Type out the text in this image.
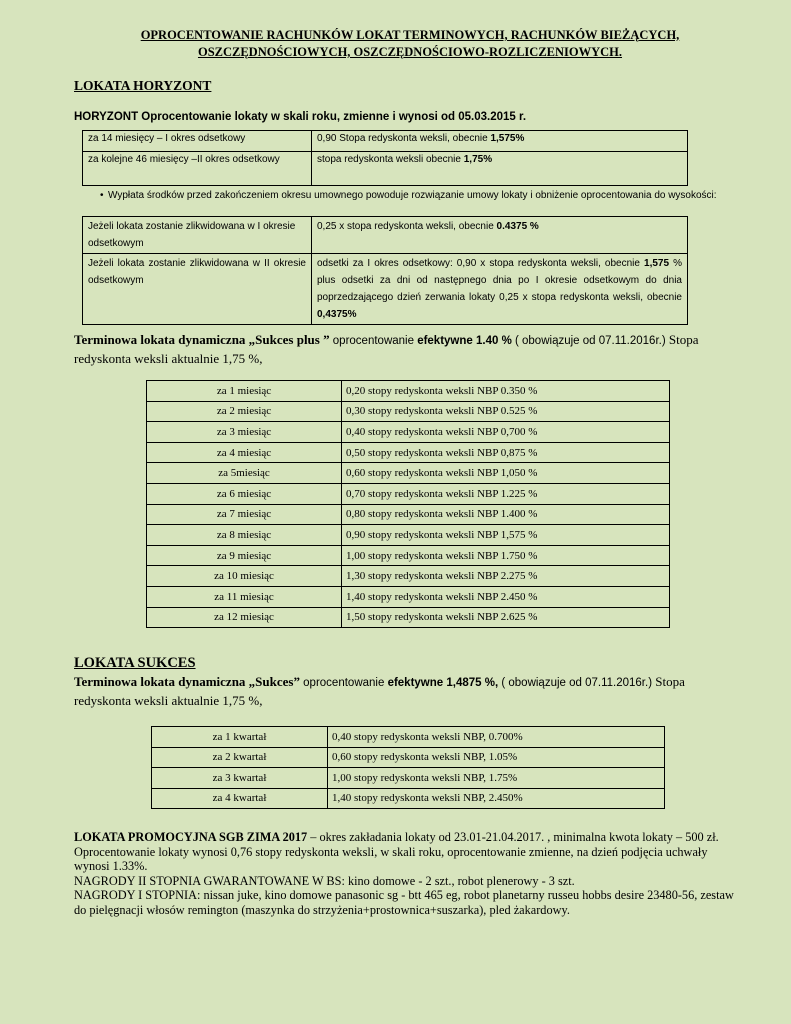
OPROCENTOWANIE RACHUNKÓW LOKAT TERMINOWYCH, RACHUNKÓW BIEŻĄCYCH,
OSZCZĘDNOŚCIOWYCH, OSZCZĘDNOŚCIOWO-ROZLICZENIOWYCH.
LOKATA HORYZONT
HORYZONT Oprocentowanie lokaty w skali roku, zmienne i wynosi od 05.03.2015 r.
za 14 miesięcy – I okres odsetkowy	0,90 Stopa redyskonta weksli, obecnie 1,575%
za kolejne 46 miesięcy –II okres odsetkowy	stopa redyskonta weksli obecnie 1,75%
• Wypłata środków przed zakończeniem okresu umownego powoduje rozwiązanie umowy lokaty i obniżenie oprocentowania do wysokości:
Jeżeli lokata zostanie zlikwidowana w I okresie odsetkowym	0,25 x stopa redyskonta weksli, obecnie 0.4375 %
Jeżeli lokata zostanie zlikwidowana w II okresie odsetkowym	odsetki za I okres odsetkowy: 0,90 x stopa redyskonta weksli, obecnie 1,575 % plus odsetki za dni od następnego dnia po I okresie odsetkowym do dnia poprzedzającego dzień zerwania lokaty 0,25 x stopa redyskonta weksli, obecnie 0,4375%
Terminowa lokata dynamiczna „Sukces plus ” oprocentowanie efektywne 1.40 % ( obowiązuje od 07.11.2016r.) Stopa redyskonta weksli aktualnie 1,75 %,
za 1 miesiąc	0,20 stopy redyskonta weksli NBP 0.350 %
za 2 miesiąc	0,30 stopy redyskonta weksli NBP 0.525 %
za 3 miesiąc	0,40 stopy redyskonta weksli NBP 0,700 %
za 4 miesiąc	0,50 stopy redyskonta weksli NBP 0,875 %
za 5miesiąc	0,60 stopy redyskonta weksli NBP 1,050 %
za 6 miesiąc	0,70 stopy redyskonta weksli NBP 1.225 %
za 7 miesiąc	0,80 stopy redyskonta weksli NBP 1.400 %
za 8 miesiąc	0,90 stopy redyskonta weksli NBP 1,575 %
za 9 miesiąc	1,00 stopy redyskonta weksli NBP 1.750 %
za 10 miesiąc	1,30 stopy redyskonta weksli NBP 2.275 %
za 11 miesiąc	1,40 stopy redyskonta weksli NBP 2.450 %
za 12 miesiąc	1,50 stopy redyskonta weksli NBP 2.625 %
LOKATA SUKCES
Terminowa lokata dynamiczna „Sukces” oprocentowanie efektywne 1,4875 %, ( obowiązuje od 07.11.2016r.) Stopa redyskonta weksli aktualnie 1,75 %,
za 1 kwartał	0,40 stopy redyskonta weksli NBP, 0.700%
za 2 kwartał	0,60 stopy redyskonta weksli NBP, 1.05%
za 3 kwartał	1,00 stopy redyskonta weksli NBP, 1.75%
za 4 kwartał	1,40 stopy redyskonta weksli NBP, 2.450%
LOKATA PROMOCYJNA SGB ZIMA 2017 – okres zakładania lokaty od 23.01-21.04.2017. , minimalna kwota lokaty – 500 zł. Oprocentowanie lokaty wynosi 0,76 stopy redyskonta weksli, w skali roku, oprocentowanie zmienne, na dzień podjęcia uchwały wynosi 1.33%.
NAGRODY II STOPNIA GWARANTOWANE W BS: kino domowe - 2 szt., robot plenerowy - 3 szt.
NAGRODY I STOPNIA: nissan juke, kino domowe panasonic sg - btt 465 eg, robot planetarny russeu hobbs desire 23480-56, zestaw do pielęgnacji włosów remington (maszynka do strzyżenia+prostownica+suszarka), pled żakardowy.
